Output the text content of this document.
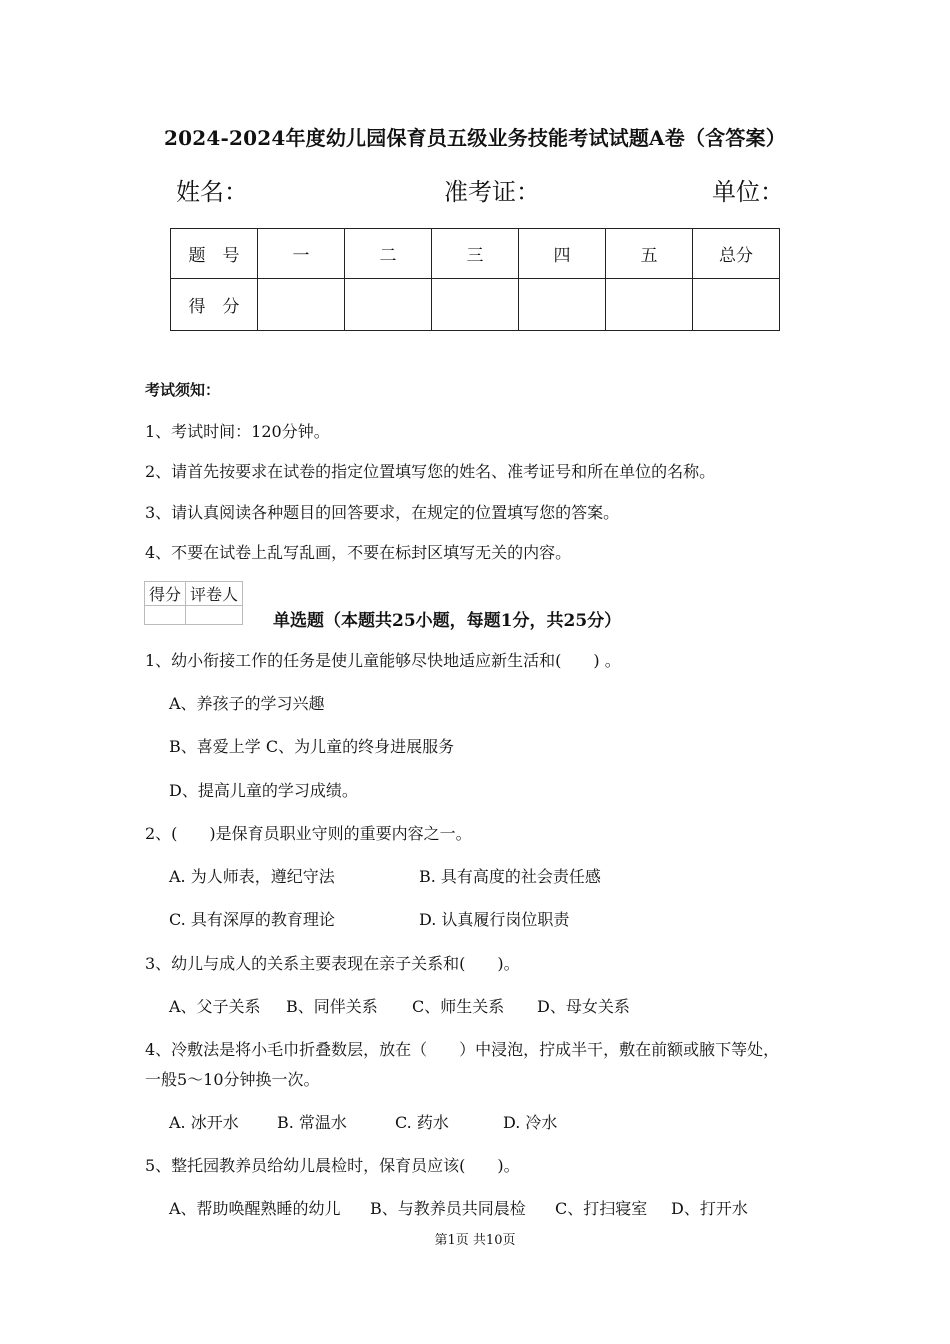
2024-2024年度幼儿园保育员五级业务技能考试试题A卷（含答案）
姓名：	准考证：	单位：
题　号	一	二	三	四	五	总分
得　分						
考试须知：
1、考试时间：120分钟。
2、请首先按要求在试卷的指定位置填写您的姓名、准考证号和所在单位的名称。
3、请认真阅读各种题目的回答要求，在规定的位置填写您的答案。
4、不要在试卷上乱写乱画，不要在标封区填写无关的内容。
得分	评卷人

单选题（本题共25小题，每题1分，共25分）
1、幼小衔接工作的任务是使儿童能够尽快地适应新生活和(　　) 。
A、养孩子的学习兴趣
B、喜爱上学 C、为儿童的终身进展服务
D、提高儿童的学习成绩。
2、(　　)是保育员职业守则的重要内容之一。
A. 为人师表，遵纪守法	B. 具有高度的社会责任感
C. 具有深厚的教育理论	D. 认真履行岗位职责
3、幼儿与成人的关系主要表现在亲子关系和(　　)。
A、父子关系 B、同伴关系 C、师生关系 D、母女关系
4、冷敷法是将小毛巾折叠数层，放在（　　）中浸泡，拧成半干，敷在前额或腋下等处，
一般5～10分钟换一次。
A. 冰开水 B. 常温水	C. 药水	D. 冷水
5、整托园教养员给幼儿晨检时，保育员应该(　　)。
A、帮助唤醒熟睡的幼儿 B、与教养员共同晨检 C、打扫寝室 D、打开水
第1页 共10页
